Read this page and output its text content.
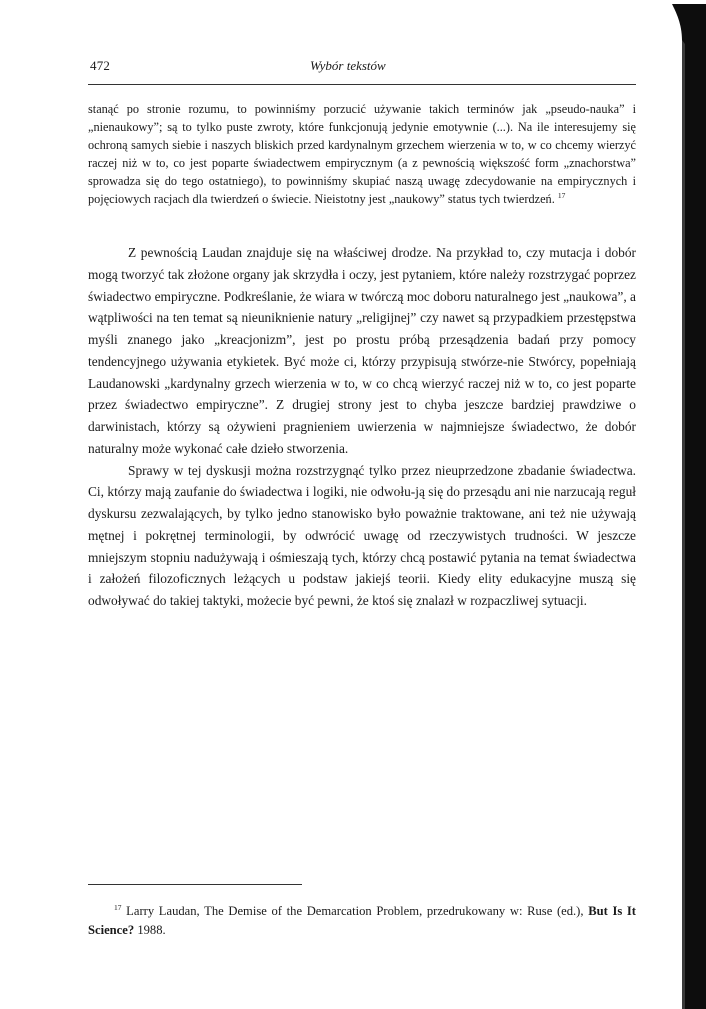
472	Wybór tekstów
stanąć po stronie rozumu, to powinniśmy porzucić używanie takich terminów jak „pseudo-nauka” i „nienaukowy”; są to tylko puste zwroty, które funkcjonują jedynie emotywnie (...). Na ile interesujemy się ochroną samych siebie i naszych bliskich przed kardynalnym grzechem wierzenia w to, w co chcemy wierzyć raczej niż w to, co jest poparte świadectwem empirycznym (a z pewnością większość form „znachorstwa” sprowadza się do tego ostatniego), to powinniśmy skupiać naszą uwagę zdecydowanie na empirycznych i pojęciowych racjach dla twierdzeń o świecie. Nieistotny jest „naukowy” status tych twierdzeń. $^{17}$

Z pewnością Laudan znajduje się na właściwej drodze. Na przykład to, czy mutacja i dobór mogą tworzyć tak złożone organy jak skrzydła i oczy, jest pytaniem, które należy rozstrzygać poprzez świadectwo empiryczne. Podkreślanie, że wiara w twórczą moc doboru naturalnego jest „naukowa”, a wątpliwości na ten temat są nieuniknienie natury „religijnej” czy nawet są przypadkiem przestępstwa myśli znanego jako „kreacjonizm”, jest po prostu próbą przesądzenia badań przy pomocy tendencyjnego używania etykietek. Być może ci, którzy przypisują stwórze-nie Stwórcy, popełniają Laudanowski „kardynalny grzech wierzenia w to, w co chcą wierzyć raczej niż w to, co jest poparte przez świadectwo empiryczne”. Z drugiej strony jest to chyba jeszcze bardziej prawdziwe o darwinistach, którzy są ożywieni pragnieniem uwierzenia w najmniejsze świadectwo, że dobór naturalny może wykonać całe dzieło stworzenia.

Sprawy w tej dyskusji można rozstrzygnąć tylko przez nieuprzedzone zbadanie świadectwa. Ci, którzy mają zaufanie do świadectwa i logiki, nie odwołu-ją się do przesądu ani nie narzucają reguł dyskursu zezwalających, by tylko jedno stanowisko było poważnie traktowane, ani też nie używają mętnej i pokrętnej terminologii, by odwrócić uwagę od rzeczywistych trudności. W jeszcze mniejszym stopniu nadużywają i ośmieszają tych, którzy chcą postawić pytania na temat świadectwa i założeń filozoficznych leżących u podstaw jakiejś teorii. Kiedy elity edukacyjne muszą się odwoływać do takiej taktyki, możecie być pewni, że ktoś się znalazł w rozpaczliwej sytuacji.

$^{17}$ Larry Laudan, The Demise of the Demarcation Problem, przedrukowany w: Ruse (ed.), But Is It Science? 1988.
